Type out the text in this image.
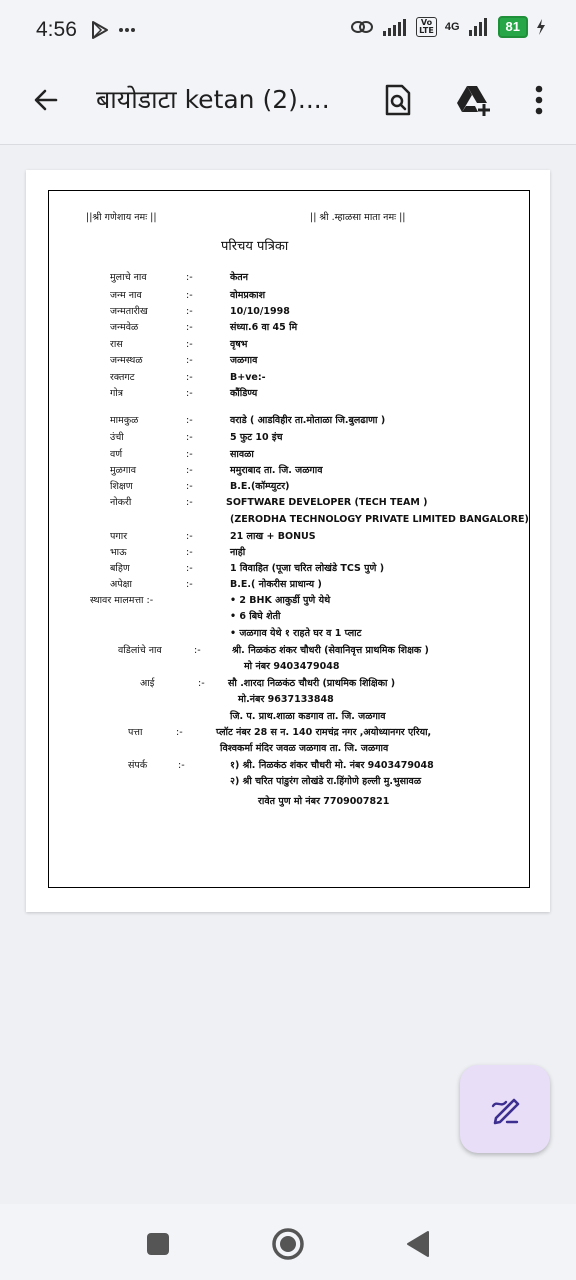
4:56	Vo
LTE 4G	81
बायोडाटा ketan (2)....
||श्री गणेशाय नमः ||	|| श्री .म्हाळसा माता नमः ||
परिचय पत्रिका
मुलाचे नाव	:-	केतन
जन्म नाव	:-	वोमप्रकाश
जन्मतारीख	:-	10/10/1998
जन्मवेळ	:-	संध्या.6 वा 45 मि
रास	:-	वृषभ
जन्मस्थळ	:-	जळगाव
रक्तगट	:-	B+ve:-
गोत्र	:-	कौंडिण्य
मामकुळ	:-	वराडे ( आडविहीर ता.मोताळा जि.बुलढाणा )
उंची	:-	5 फुट 10 इंच
वर्ण	:-	सावळा
मुळगाव	:-	ममुराबाद ता. जि. जळगाव
शिक्षण	:-	B.E.(कॉम्प्युटर)
नोकरी	:-	SOFTWARE DEVELOPER (TECH TEAM )
(ZERODHA TECHNOLOGY PRIVATE LIMITED BANGALORE)
पगार	:-	21 लाख + BONUS
भाऊ	:-	नाही
बहिण	:-	1 विवाहित (पूजा चरित लोखंडे TCS पुणे )
अपेक्षा	:-	B.E.( नोकरीस प्राधान्य )
स्थावर मालमत्ता :-	• 2 BHK आकुर्डी पुणे येथे
• 6 बिघे शेती
• जळगाव येथे १ राहते घर व 1 प्लाट
वडिलांचे नाव	:-	श्री. निळकंठ शंकर चौधरी (सेवानिवृत्त प्राथमिक शिक्षक )
मो नंबर 9403479048
आई	:- सौ .शारदा निळकंठ चौधरी (प्राथमिक शिक्षिका )
मो.नंबर 9637133848
जि. प. प्राथ.शाळा कडगाव ता. जि. जळगाव
पत्ता	:-	प्लॉट नंबर 28 स न. 140 रामचंद्र नगर ,अयोध्यानगर एरिया,
विश्वकर्मा मंदिर जवळ जळगाव ता. जि. जळगाव
संपर्क	:-	१) श्री. निळकंठ शंकर चौधरी मो. नंबर 9403479048
२) श्री चरित पांडुरंग लोखंडे रा.हिंगोणे हल्ली मु.भुसावळ
रावेत पुण मो नंबर 7709007821
